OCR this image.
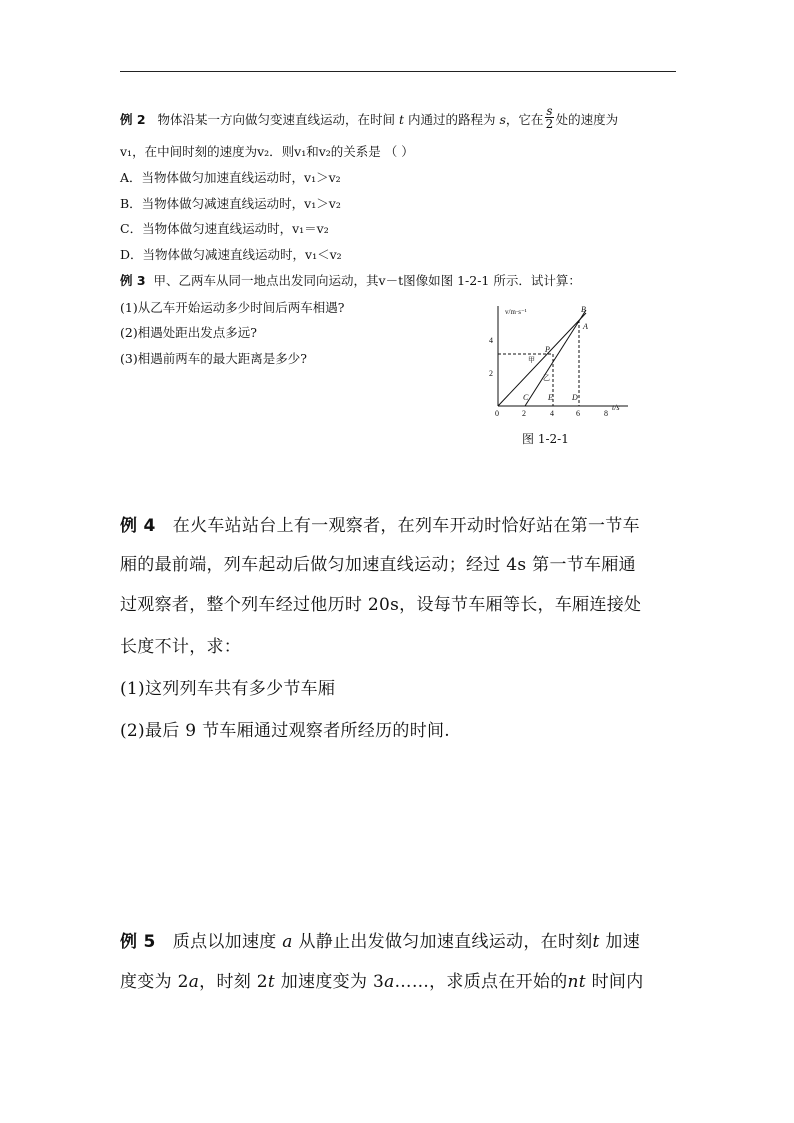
例 2 物体沿某一方向做匀变速直线运动，在时间 t 内通过的路程为 s，它在 $\frac{s}{2}$ 处的速度为
v₁，在中间时刻的速度为v₂．则v₁和v₂的关系是 （ ）
A．当物体做匀加速直线运动时，v₁＞v₂
B．当物体做匀减速直线运动时，v₁＞v₂
C．当物体做匀速直线运动时，v₁＝v₂
D．当物体做匀减速直线运动时，v₁＜v₂
例 3 甲、乙两车从同一地点出发同向运动，其v－t图像如图 1-2-1 所示．试计算：
(1)从乙车开始运动多少时间后两车相遇?
(2)相遇处距出发点多远?
(3)相遇前两车的最大距离是多少?
v/m·s⁻¹
t/s
4
2
0	2	4	6	8
B
A
P
甲
乙
C E D
图 1-2-1
例 4 在火车站站台上有一观察者，在列车开动时恰好站在第一节车
厢的最前端，列车起动后做匀加速直线运动；经过 4s 第一节车厢通
过观察者，整个列车经过他历时 20s，设每节车厢等长，车厢连接处
长度不计，求：
(1)这列列车共有多少节车厢
(2)最后 9 节车厢通过观察者所经历的时间.
例 5 质点以加速度 a 从静止出发做匀加速直线运动，在时刻t 加速
度变为 2a，时刻 2t 加速度变为 3a……，求质点在开始的nt 时间内
